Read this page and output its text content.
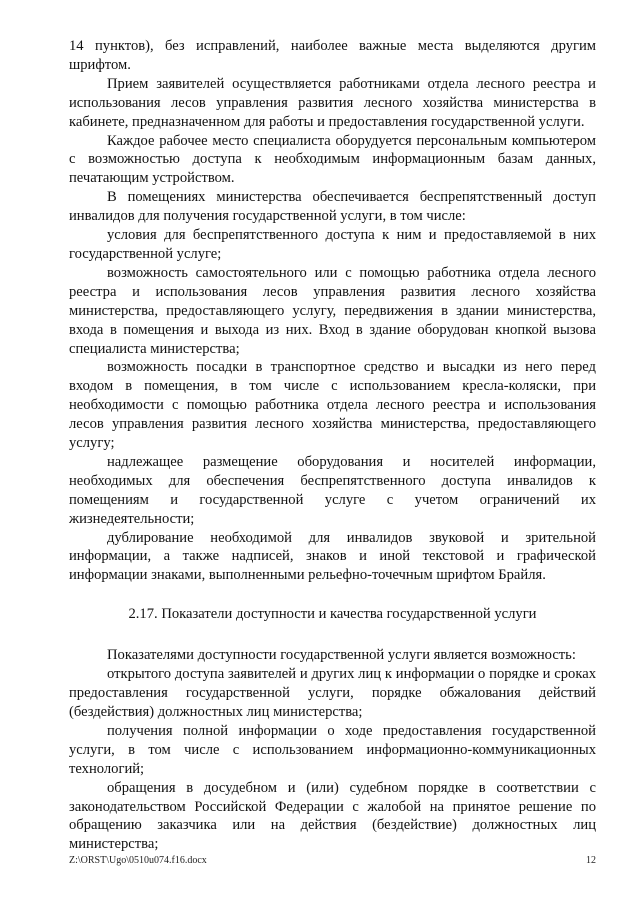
14 пунктов), без исправлений, наиболее важные места выделяются другим шрифтом.

Прием заявителей осуществляется работниками отдела лесного реестра и использования лесов управления развития лесного хозяйства министерства в кабинете, предназначенном для работы и предоставления государственной услуги.

Каждое рабочее место специалиста оборудуется персональным компьютером с возможностью доступа к необходимым информационным базам данных, печатающим устройством.

В помещениях министерства обеспечивается беспрепятственный доступ инвалидов для получения государственной услуги, в том числе:

условия для беспрепятственного доступа к ним и предоставляемой в них государственной услуге;

возможность самостоятельного или с помощью работника отдела лесного реестра и использования лесов управления развития лесного хозяйства министерства, предоставляющего услугу, передвижения в здании министерства, входа в помещения и выхода из них. Вход в здание оборудован кнопкой вызова специалиста министерства;

возможность посадки в транспортное средство и высадки из него перед входом в помещения, в том числе с использованием кресла-коляски, при необходимости с помощью работника отдела лесного реестра и использования лесов управления развития лесного хозяйства министерства, предоставляющего услугу;

надлежащее размещение оборудования и носителей информации, необходимых для обеспечения беспрепятственного доступа инвалидов к помещениям и государственной услуге с учетом ограничений их жизнедеятельности;

дублирование необходимой для инвалидов звуковой и зрительной информации, а также надписей, знаков и иной текстовой и графической информации знаками, выполненными рельефно-точечным шрифтом Брайля.

2.17. Показатели доступности и качества государственной услуги

Показателями доступности государственной услуги является возможность:

открытого доступа заявителей и других лиц к информации о порядке и сроках предоставления государственной услуги, порядке обжалования действий (бездействия) должностных лиц министерства;

получения полной информации о ходе предоставления государственной услуги, в том числе с использованием информационно-коммуникационных технологий;

обращения в досудебном и (или) судебном порядке в соответствии с законодательством Российской Федерации с жалобой на принятое решение по обращению заказчика или на действия (бездействие) должностных лиц министерства;

Z:\ORST\Ugo\0510u074.f16.docx	12
